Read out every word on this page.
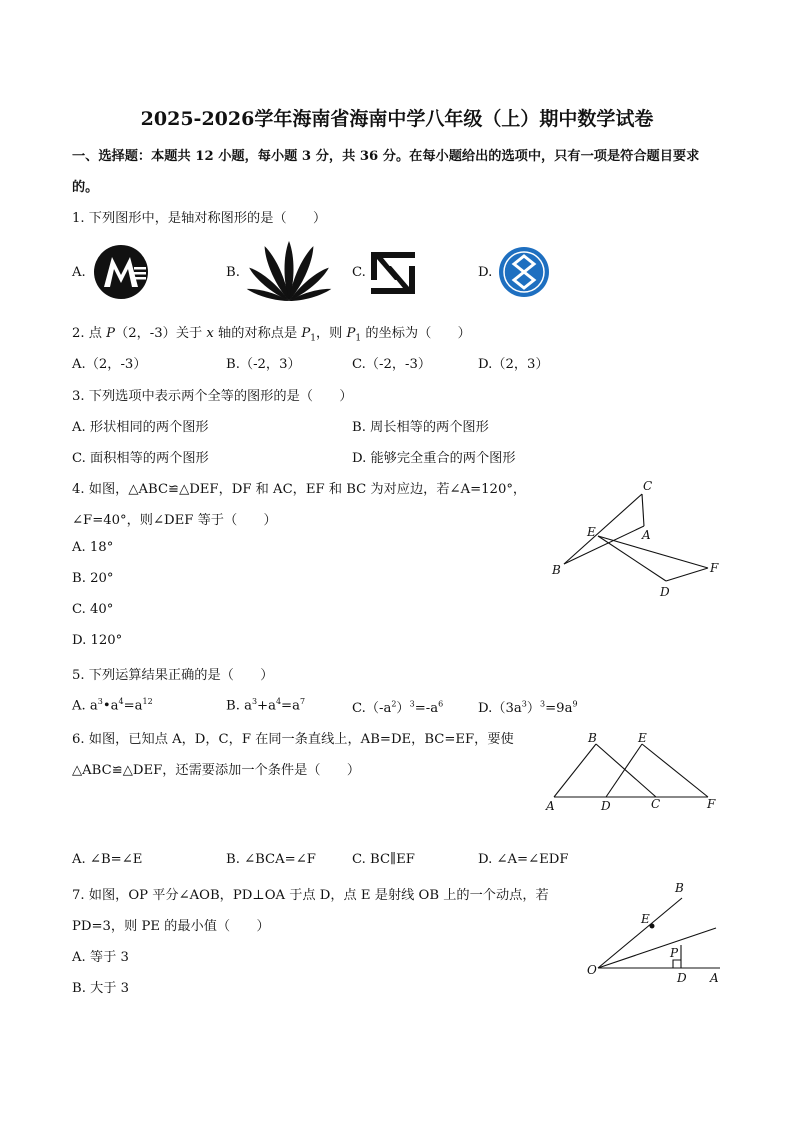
2025-2026学年海南省海南中学八年级（上）期中数学试卷
一、选择题：本题共 12 小题，每小题 3 分，共 36 分。在每小题给出的选项中，只有一项是符合题目要求
的。
1. 下列图形中，是轴对称图形的是（　　）
A.	B.	C.	D.
2. 点 P（2，-3）关于 x 轴的对称点是 $P_1$，则 $P_1$ 的坐标为（　　）
A.（2，-3）	B.（-2，3）	C.（-2，-3）	D.（2，3）
3. 下列选项中表示两个全等的图形的是（　　）
A. 形状相同的两个图形	B. 周长相等的两个图形
C. 面积相等的两个图形	D. 能够完全重合的两个图形
4. 如图，△ABC≌△DEF，DF 和 AC，EF 和 BC 为对应边，若∠A=120°，
∠F=40°，则∠DEF 等于（　　）
A. 18°
B. 20°
C. 40°
D. 120°
C
E	A
B	F
D
5. 下列运算结果正确的是（　　）
A. $a^3•a^4=a^{12}$	B. $a^3+a^4=a^7$	$C.(-a^2)^3=-a^6$	$D.(3a^3)^3=9a^9$
6. 如图，已知点 A，D，C，F 在同一条直线上，AB=DE，BC=EF，要使
△ABC≌△DEF，还需要添加一个条件是（　　）
B	E
A	D	C	F
A. ∠B=∠E	B. ∠BCA=∠F	C. BC∥EF	D. ∠A=∠EDF
7. 如图，OP 平分∠AOB，PD⊥OA 于点 D，点 E 是射线 OB 上的一个动点，若
PD=3，则 PE 的最小值（　　）
A. 等于 3
B. 大于 3
B
E
P
O
D A
